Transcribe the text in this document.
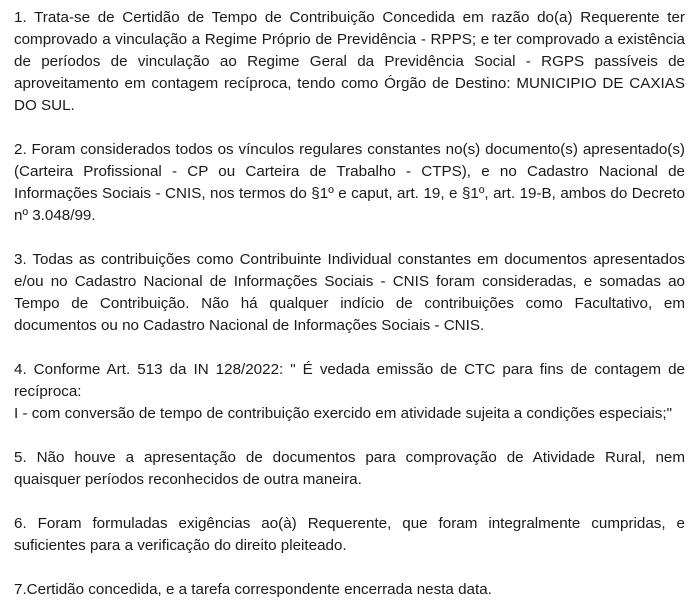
1. Trata-se de Certidão de Tempo de Contribuição Concedida em razão do(a) Requerente ter comprovado a vinculação a Regime Próprio de Previdência - RPPS; e ter comprovado a existência de períodos de vinculação ao Regime Geral da Previdência Social - RGPS passíveis de aproveitamento em contagem recíproca, tendo como Órgão de Destino: MUNICIPIO DE CAXIAS DO SUL.

2. Foram considerados todos os vínculos regulares constantes no(s) documento(s) apresentado(s) (Carteira Profissional - CP ou Carteira de Trabalho - CTPS), e no Cadastro Nacional de Informações Sociais - CNIS, nos termos do §1º e caput, art. 19, e §1º, art. 19-B, ambos do Decreto nº 3.048/99.

3. Todas as contribuições como Contribuinte Individual constantes em documentos apresentados e/ou no Cadastro Nacional de Informações Sociais - CNIS foram consideradas, e somadas ao Tempo de Contribuição. Não há qualquer indício de contribuições como Facultativo, em documentos ou no Cadastro Nacional de Informações Sociais - CNIS.

4. Conforme Art. 513 da IN 128/2022: " É vedada emissão de CTC para fins de contagem de recíproca:
I - com conversão de tempo de contribuição exercido em atividade sujeita a condições especiais;"

5. Não houve a apresentação de documentos para comprovação de Atividade Rural, nem quaisquer períodos reconhecidos de outra maneira.

6. Foram formuladas exigências ao(à) Requerente, que foram integralmente cumpridas, e suficientes para a verificação do direito pleiteado.

7.Certidão concedida, e a tarefa correspondente encerrada nesta data.
